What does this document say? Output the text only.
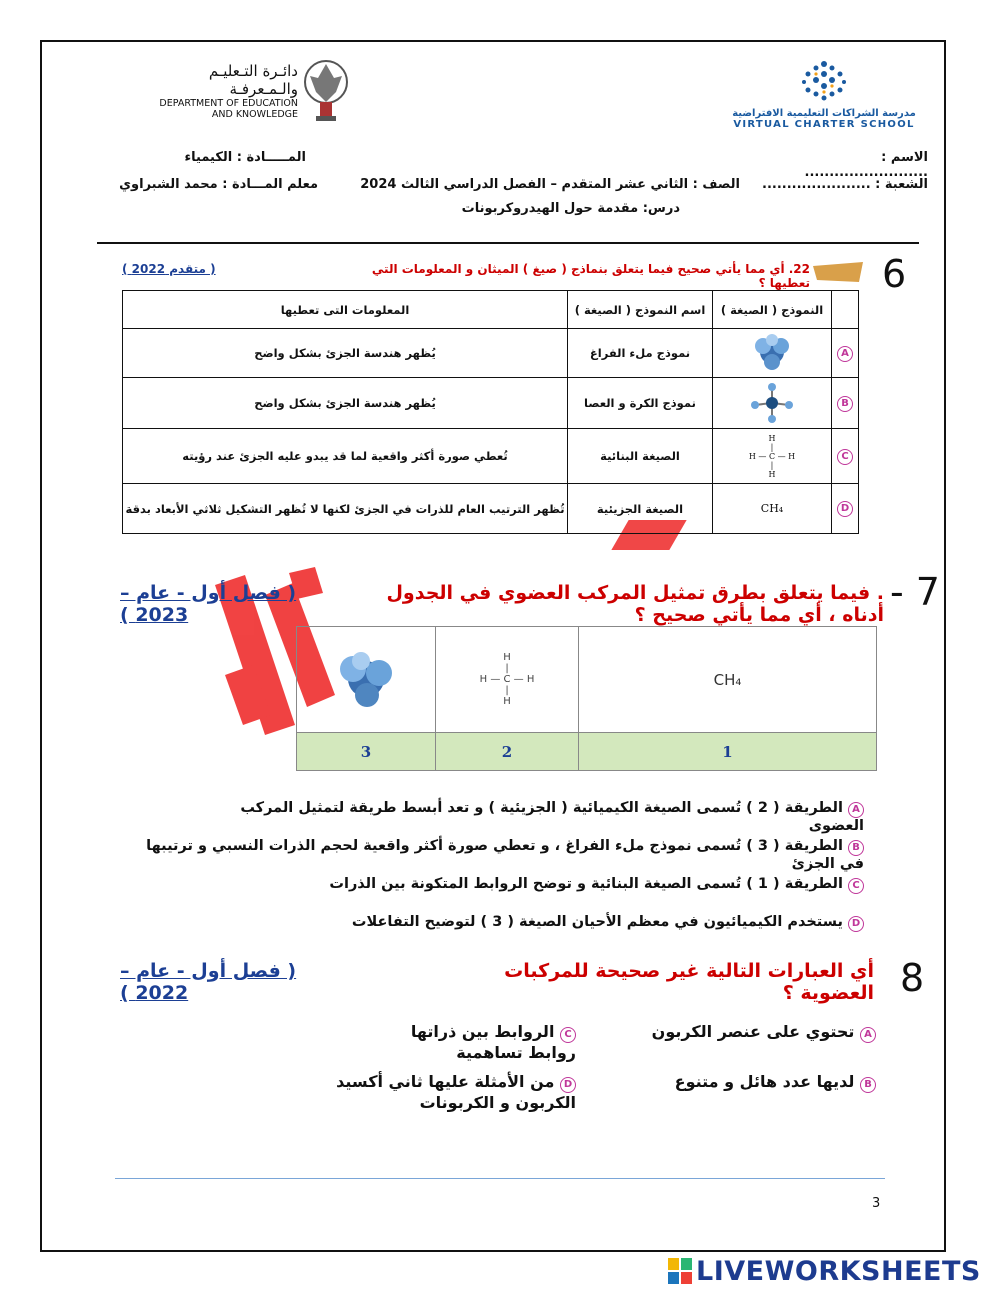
دائـرة التـعليـم والـمـعرفـة
DEPARTMENT OF EDUCATION
AND KNOWLEDGE	مدرسة الشراكات التعليمية الافتراضية
VIRTUAL CHARTER SCHOOL
المـــــادة : الكيمياء
معلم المـــادة : محمد الشبراوي	الصف : الثاني عشر المتقدم – الفصل الدراسي الثالث 2024
درس: مقدمة حول الهيدروكربونات
الاسم : .........................
الشعبة : ......................
6
22. أي مما يأتي صحيح فيما يتعلق بنماذج ( صيغ ) الميثان و المعلومات التي تعطيها ؟
( متقدم 2022 )
	النموذج ( الصيغة )	اسم النموذج ( الصيغة )	المعلومات التى تعطيها
A		نموذج ملء الفراغ	يُظهر هندسة الجزئ بشكل واضح
B		نموذج الكرة و العصا	يُظهر هندسة الجزئ بشكل واضح
C	H
|
H — C — H
|
H	الصيغة البنائية	تُعطي صورة أكثر واقعية لما قد يبدو عليه الجزئ عند رؤيته
D	CH₄	الصيغة الجزيئية	تُظهر الترتيب العام للذرات في الجزئ لكنها لا تُظهر التشكيل ثلاثي الأبعاد بدقة
- 7
. فيما يتعلق بطرق تمثيل المركب العضوي في الجدول أدناه ، أي مما يأتي صحيح ؟
( فصل أول - عام – 2023 )

H
|
H — C — H
|
H	CH₄
3	2	1
A الطريقة ( 2 ) تُسمى الصيغة الكيميائية ( الجزيئية ) و تعد أبسط طريقة لتمثيل المركب العضوى
B الطريقة ( 3 ) تُسمى نموذج ملء الفراغ ، و تعطي صورة أكثر واقعية لحجم الذرات النسبي و ترتيبها في الجزئ
C الطريقة ( 1 ) تُسمى الصيغة البنائية و توضح الروابط المتكونة بين الذرات
D يستخدم الكيميائيون في معظم الأحيان الصيغة ( 3 ) لتوضيح التفاعلات
8
أي العبارات التالية غير صحيحة للمركبات العضوية ؟
( فصل أول - عام – 2022 )
A تحتوي على عنصر الكربون
B لديها عدد هائل و متنوع
C الروابط بين ذراتها روابط تساهمية
D من الأمثلة عليها ثاني أكسيد الكربون و الكربونات
3
LIVEWORKSHEETS
